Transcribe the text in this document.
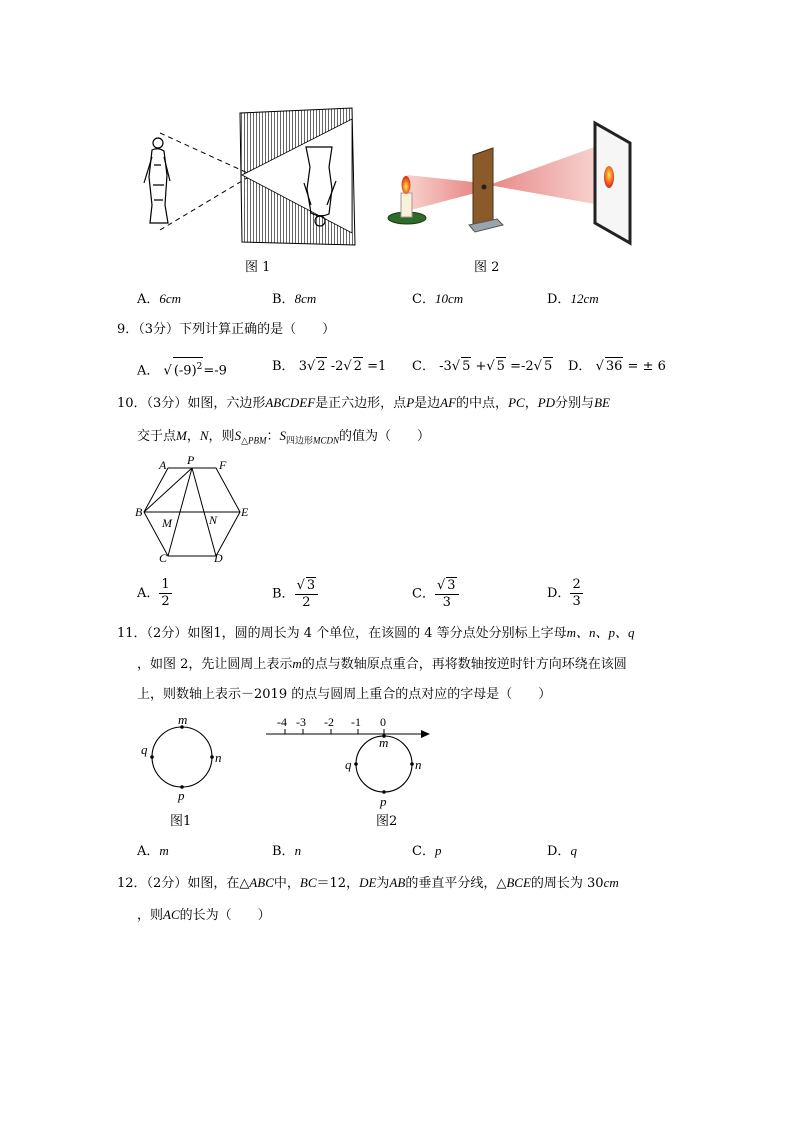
图 1	图 2
A．6cm	B．8cm	C．10cm	D．12cm
9．（3分）下列计算正确的是（　　）
A． √ $(-9)^2=-9$	B． 3√ 2 -2√ 2 =1 C． -3√ 5 +√ 5 =-2√ 5 D． √ 36 = ± 6
10．（3分）如图，六边形ABCDEF是正六边形，点P是边AF的中点，PC，PD分别与BE
交于点M，N，则$S_{\triangle PBM}$：$S_{四边形MCDN}$的值为（　　）
A P F
B	E
M	N
C	D
A． $\frac{1}{2}$	B． $\frac{√ 3}{2}$	C． $\frac{√ 3}{3}$	D． $\frac{2}{3}$
11．（2分）如图1，圆的周长为 4 个单位，在该圆的 4 等分点处分别标上字母m、n、p、q
，如图 2，先让圆周上表示m的点与数轴原点重合，再将数轴按逆时针方向环绕在该圆
上，则数轴上表示－2019 的点与圆周上重合的点对应的字母是（　　）
m
n
p
q
-4 -3 -2 -1 0
m
n
p
q
图1	图2
A．m	B．n	C．p	D．q
12．（2分）如图，在△ABC中，BC＝12，DE为AB的垂直平分线，△BCE的周长为 30cm
，则AC的长为（　　）
